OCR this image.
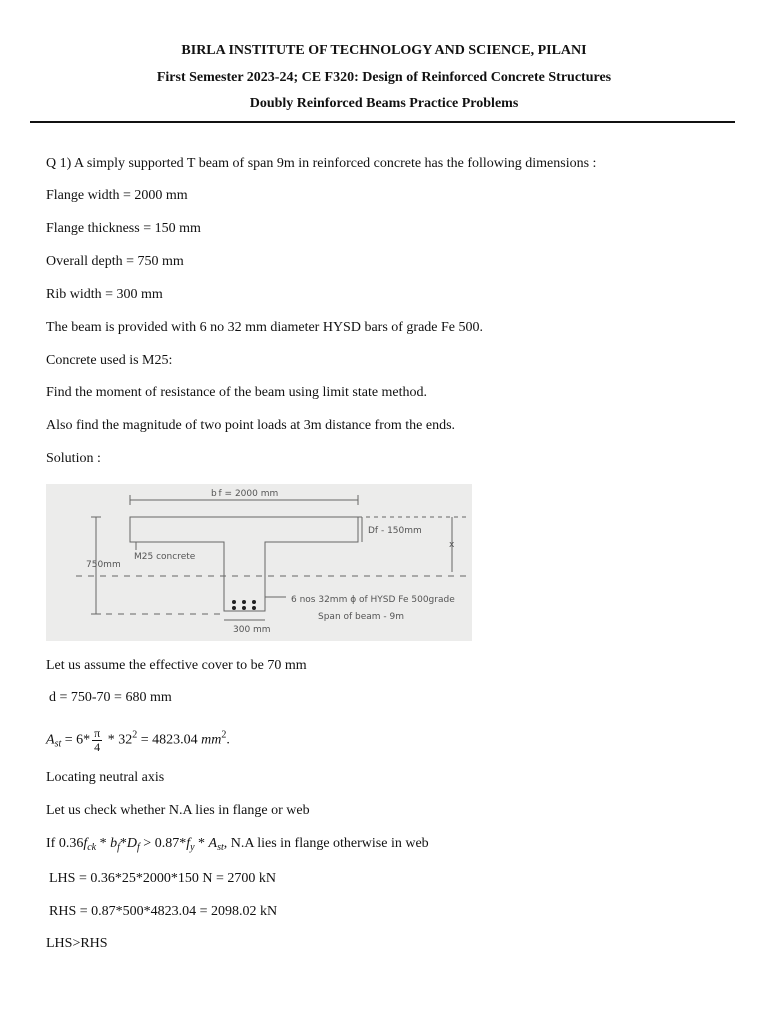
BIRLA INSTITUTE OF TECHNOLOGY AND SCIENCE, PILANI
First Semester 2023-24; CE F320: Design of Reinforced Concrete Structures
Doubly Reinforced Beams Practice Problems
Q 1) A simply supported T beam of span 9m in reinforced concrete has the following dimensions :
Flange width = 2000 mm
Flange thickness = 150 mm
Overall depth = 750 mm
Rib width = 300 mm
The beam is provided with 6 no 32 mm diameter HYSD bars of grade Fe 500.
Concrete used is M25:
Find the moment of resistance of the beam using limit state method.
Also find the magnitude of two point loads at 3m distance from the ends.
Solution :
b f = 2000 mm
Df - 150mm
x
750mm
M25 concrete
6 nos 32mm ϕ of HYSD Fe 500grade
Span of beam - 9m
300 mm
Let us assume the effective cover to be 70 mm
d = 750-70 = 680 mm
$A_{st} = 6* \frac{\pi}{4} * 32^2 = 4823.04$ $mm^2$.
Locating neutral axis
Let us check whether N.A lies in flange or web
If $0.36f_{ck} * b_f*D_f > 0.87*f_y * A_{st}$, N.A lies in flange otherwise in web
LHS = 0.36*25*2000*150 N = 2700 kN
RHS = 0.87*500*4823.04 = 2098.02 kN
LHS>RHS
